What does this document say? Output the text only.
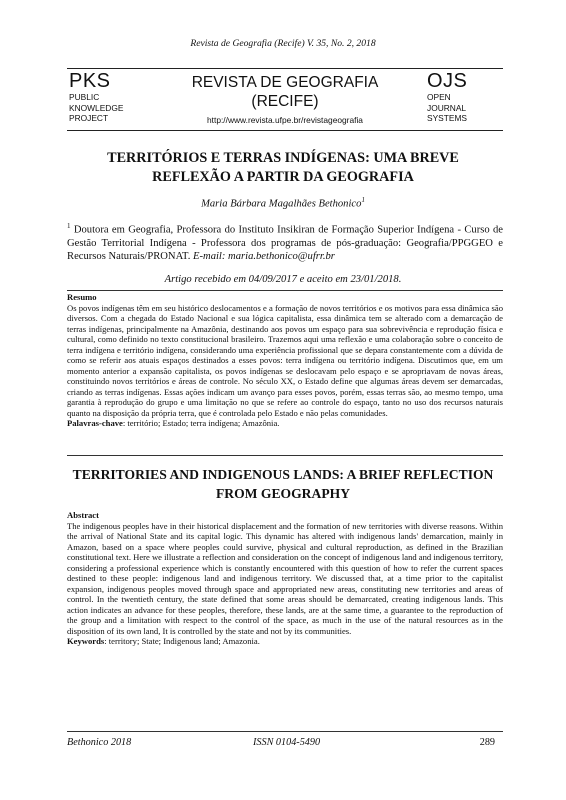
Revista de Geografia (Recife) V. 35, No. 2, 2018
PKS
PUBLIC
KNOWLEDGE
PROJECT
REVISTA DE GEOGRAFIA
(RECIFE)
http://www.revista.ufpe.br/revistageografia
OJS
OPEN
JOURNAL
SYSTEMS
TERRITÓRIOS E TERRAS INDÍGENAS: UMA BREVE
REFLEXÃO A PARTIR DA GEOGRAFIA
Maria Bárbara Magalhães Bethonico$^1$
$^1$ Doutora em Geografia, Professora do Instituto Insikiran de Formação Superior Indígena - Curso de Gestão Territorial Indígena - Professora dos programas de pós-graduação: Geografia/PPGGEO e Recursos Naturais/PRONAT. E-mail: maria.bethonico@ufrr.br
Artigo recebido em 04/09/2017 e aceito em 23/01/2018.
Resumo
Os povos indígenas têm em seu histórico deslocamentos e a formação de novos territórios e os motivos para essa dinâmica são diversos. Com a chegada do Estado Nacional e sua lógica capitalista, essa dinâmica tem se alterado com a demarcação de terras indígenas, principalmente na Amazônia, destinando aos povos um espaço para sua sobrevivência e reprodução física e cultural, como definido no texto constitucional brasileiro. Trazemos aqui uma reflexão e uma colaboração sobre o conceito de terra indígena e território indígena, considerando uma experiência profissional que se depara constantemente com a dúvida de como se referir aos atuais espaços destinados a esses povos: terra indígena ou território indígena. Discutimos que, em um momento anterior a expansão capitalista, os povos indígenas se deslocavam pelo espaço e se apropriavam de novas áreas, constituindo novos territórios e áreas de controle. No século XX, o Estado define que algumas áreas devem ser demarcadas, criando as terras indígenas. Essas ações indicam um avanço para esses povos, porém, essas terras são, ao mesmo tempo, uma garantia à reprodução do grupo e uma limitação no que se refere ao controle do espaço, tanto no uso dos recursos naturais quanto na disposição da própria terra, que é controlada pelo Estado e não pelas comunidades.
Palavras-chave: território; Estado; terra indígena; Amazônia.
TERRITORIES AND INDIGENOUS LANDS: A BRIEF REFLECTION
FROM GEOGRAPHY
Abstract
The indigenous peoples have in their historical displacement and the formation of new territories with diverse reasons. Within the arrival of National State and its capital logic. This dynamic has altered with indigenous lands' demarcation, mainly in Amazon, based on a space where peoples could survive, physical and cultural reproduction, as defined in the Brazilian constitutional text. Here we illustrate a reflection and consideration on the concept of indigenous land and indigenous territory, considering a professional experience which is constantly encountered with this question of how to refer the current spaces destined to these people: indigenous land and indigenous territory. We discussed that, at a time prior to the capitalist expansion, indigenous peoples moved through space and appropriated new areas, constituting new territories and areas of control. In the twentieth century, the state defined that some areas should be demarcated, creating indigenous lands. This action indicates an advance for these peoples, therefore, these lands, are at the same time, a guarantee to the reproduction of the group and a limitation with respect to the control of the space, as much in the use of the natural resources as in the disposition of its own land, It is controlled by the state and not by its communities.
Keywords: territory; State; Indigenous land; Amazonia.
Bethonico 2018	ISSN 0104-5490	289
